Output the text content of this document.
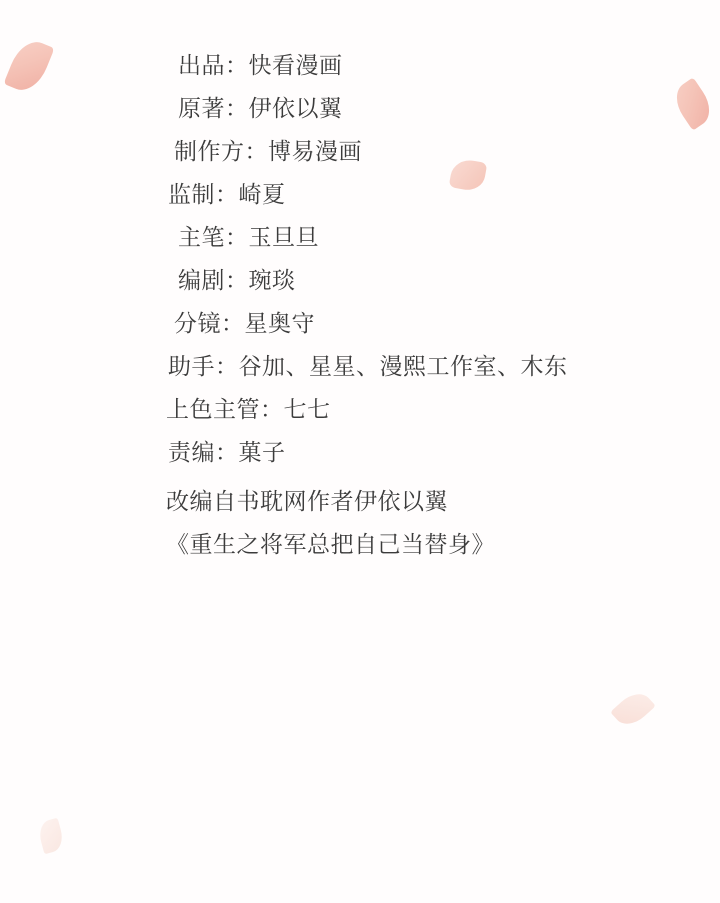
出品：快看漫画
原著：伊依以翼
制作方：博易漫画
监制：崎夏
主笔：玉旦旦
编剧：琬琰
分镜：星奥守
助手：谷加、星星、漫熙工作室、木东
上色主管：七七
责编：菓子
改编自书耽网作者伊依以翼
《重生之将军总把自己当替身》
